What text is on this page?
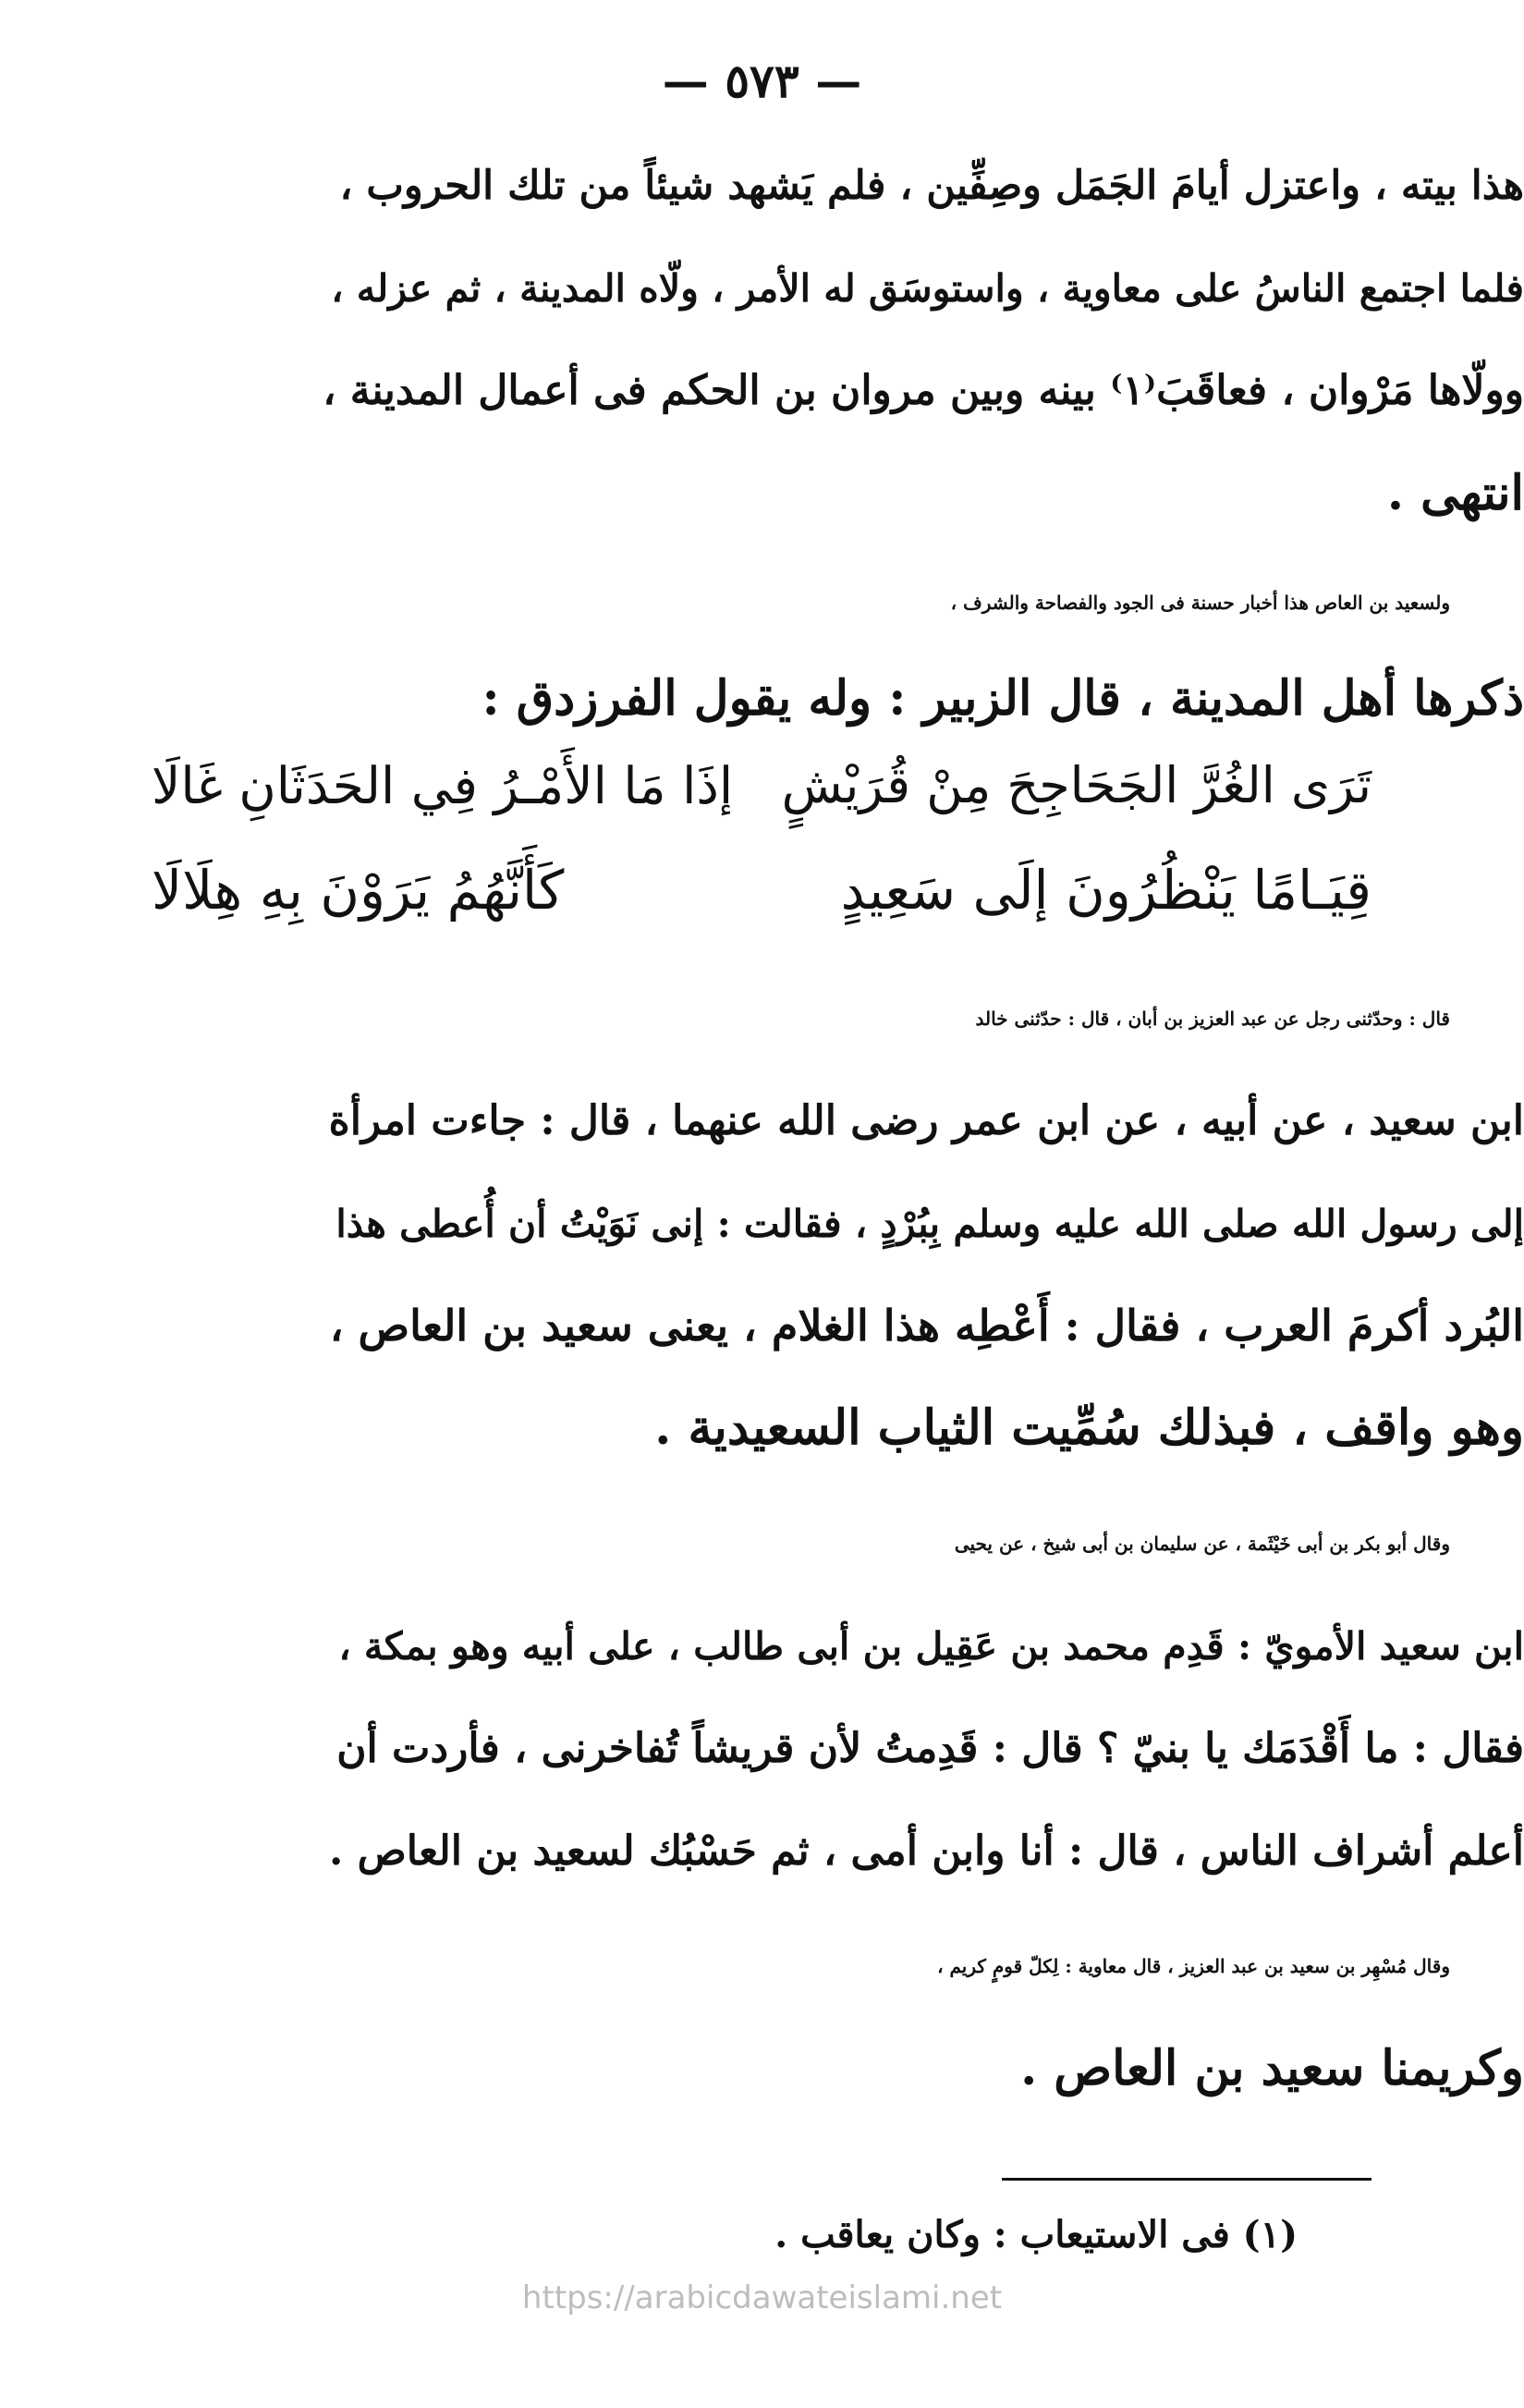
— ٥٧٣ —
هذا بيته ، واعتزل أيامَ الجَمَل وصِفِّين ، فلم يَشهد شيئاً من تلك الحروب ،
فلما اجتمع الناسُ على معاوية ، واستوسَق له الأمر ، ولّاه المدينة ، ثم عزله ،
وولّاها مَرْوان ، فعاقَبَ⁽١⁾ بينه وبين مروان بن الحكم فى أعمال المدينة ،
انتهى .
ولسعيد بن العاص هذا أخبار حسنة فى الجود والفصاحة والشرف ،
ذكرها أهل المدينة ، قال الزبير : وله يقول الفرزدق :
تَرَى الغُرَّ الجَحَاجِحَ مِنْ قُرَيْشٍ
إذَا مَا الأَمْـرُ فِي الحَدَثَانِ غَالَا
قِيَـامًا يَنْظُرُونَ إلَى سَعِيدٍ
كَأَنَّهُمُ يَرَوْنَ بِهِ هِلَالَا
قال : وحدّثنى رجل عن عبد العزيز بن أبان ، قال : حدّثنى خالد
ابن سعيد ، عن أبيه ، عن ابن عمر رضى الله عنهما ، قال : جاءت امرأة
إلى رسول الله صلى الله عليه وسلم بِبُرْدٍ ، فقالت : إنى نَوَيْتُ أن أُعطى هذا
البُرد أكرمَ العرب ، فقال : أَعْطِه هذا الغلام ، يعنى سعيد بن العاص ،
وهو واقف ، فبذلك سُمِّيت الثياب السعيدية .
وقال أبو بكر بن أبى خَيْثَمة ، عن سليمان بن أبى شيخ ، عن يحيى
ابن سعيد الأمويّ : قَدِم محمد بن عَقِيل بن أبى طالب ، على أبيه وهو بمكة ،
فقال : ما أَقْدَمَك يا بنيّ ؟ قال : قَدِمتُ لأن قريشاً تُفاخرنى ، فأردت أن
أعلم أشراف الناس ، قال : أنا وابن أمى ، ثم حَسْبُك لسعيد بن العاص .
وقال مُسْهِر بن سعيد بن عبد العزيز ، قال معاوية : لِكلّ قومٍ كريم ،
وكريمنا سعيد بن العاص .
(١) فى الاستيعاب : وكان يعاقب .
https://arabicdawateislami.net
